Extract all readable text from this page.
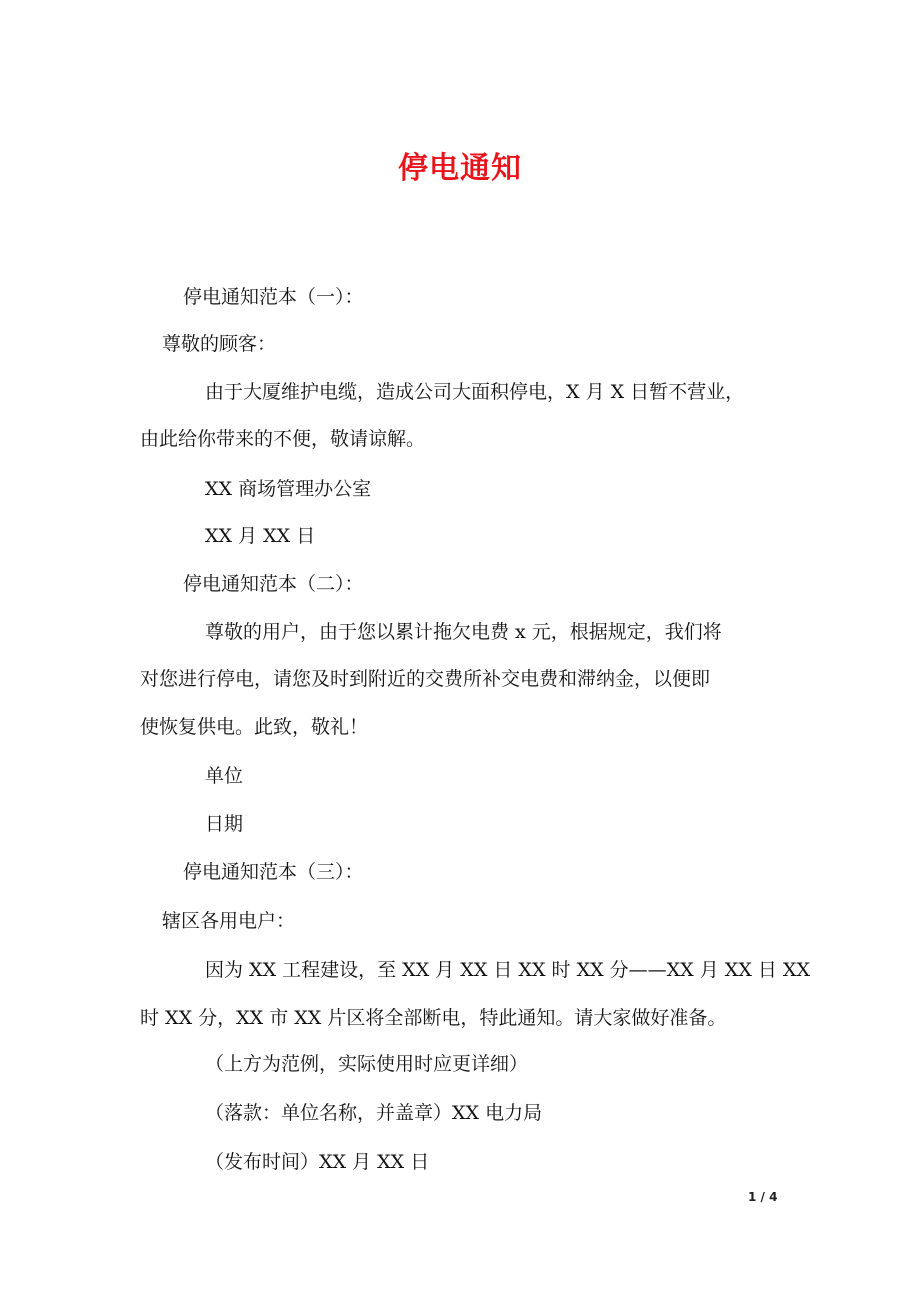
停电通知
停电通知范本（一）：
尊敬的顾客：
由于大厦维护电缆，造成公司大面积停电，X 月 X 日暂不营业，
由此给你带来的不便，敬请谅解。
XX 商场管理办公室
XX 月 XX 日
停电通知范本（二）：
尊敬的用户，由于您以累计拖欠电费 x 元，根据规定，我们将
对您进行停电，请您及时到附近的交费所补交电费和滞纳金，以便即
使恢复供电。此致，敬礼！
单位
日期
停电通知范本（三）：
辖区各用电户：
因为 XX 工程建设，至 XX 月 XX 日 XX 时 XX 分——XX 月 XX 日 XX
时 XX 分，XX 市 XX 片区将全部断电，特此通知。请大家做好准备。
（上方为范例，实际使用时应更详细）
（落款：单位名称，并盖章）XX 电力局
（发布时间）XX 月 XX 日
1 / 4
